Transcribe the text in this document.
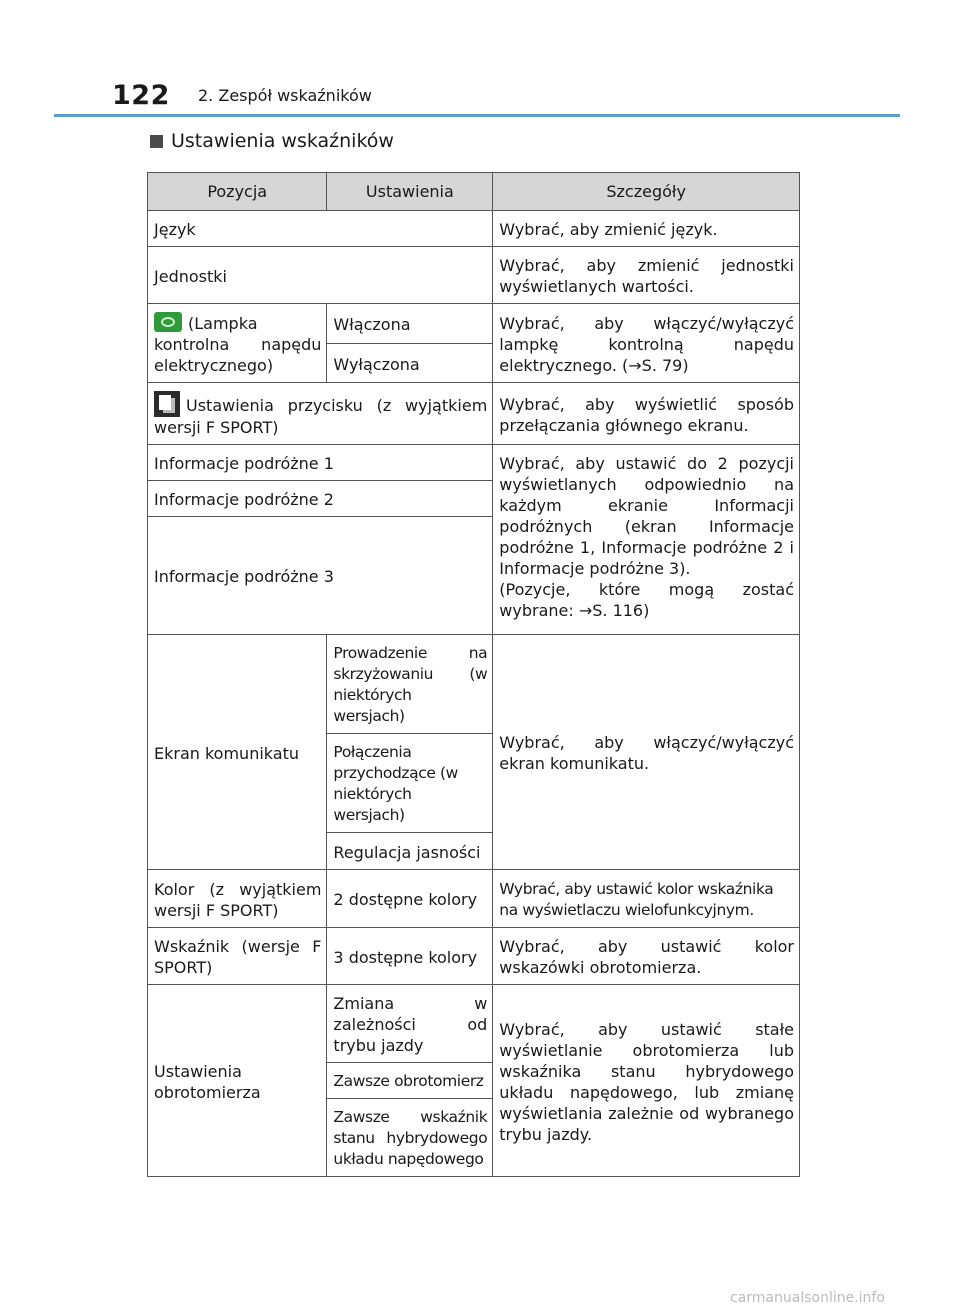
122 2. Zespół wskaźników
Ustawienia wskaźników
Pozycja	Ustawienia	Szczegóły
Język		Wybrać, aby zmienić język.
Jednostki		Wybrać, aby zmienić jednostki wyświetlanych wartości.
(Lampka kontrolna napędu elektrycznego)	Włączona	Wybrać, aby włączyć/wyłączyć lampkę kontrolną napędu elektrycznego. (→S. 79)
	Wyłączona	
Ustawienia przycisku (z wyjątkiem wersji F SPORT)		Wybrać, aby wyświetlić sposób przełączania głównego ekranu.
Informacje podróżne 1		Wybrać, aby ustawić do 2 pozycji wyświetlanych odpowiednio na każdym ekranie Informacji podróżnych (ekran Informacje podróżne 1, Informacje podróżne 2 i Informacje podróżne 3).
(Pozycje, które mogą zostać wybrane: →S. 116)
Informacje podróżne 2		
Informacje podróżne 3		
Ekran komunikatu	Prowadzenie na skrzyżowaniu (w niektórych wersjach)	Wybrać, aby włączyć/wyłączyć ekran komunikatu.
	Połączenia przychodzące (w niektórych wersjach)	
	Regulacja jasności	
Kolor (z wyjątkiem wersji F SPORT)	2 dostępne kolory	Wybrać, aby ustawić kolor wskaźnika na wyświetlaczu wielofunkcyjnym.
Wskaźnik (wersje F SPORT)	3 dostępne kolory	Wybrać, aby ustawić kolor wskazówki obrotomierza.
Ustawienia obrotomierza	Zmiana w zależności od trybu jazdy	Wybrać, aby ustawić stałe wyświetlanie obrotomierza lub wskaźnika stanu hybrydowego układu napędowego, lub zmianę wyświetlania zależnie od wybranego trybu jazdy.
	Zawsze obrotomierz	
	Zawsze wskaźnik stanu hybrydowego układu napędowego	
carmanualsonline.info
